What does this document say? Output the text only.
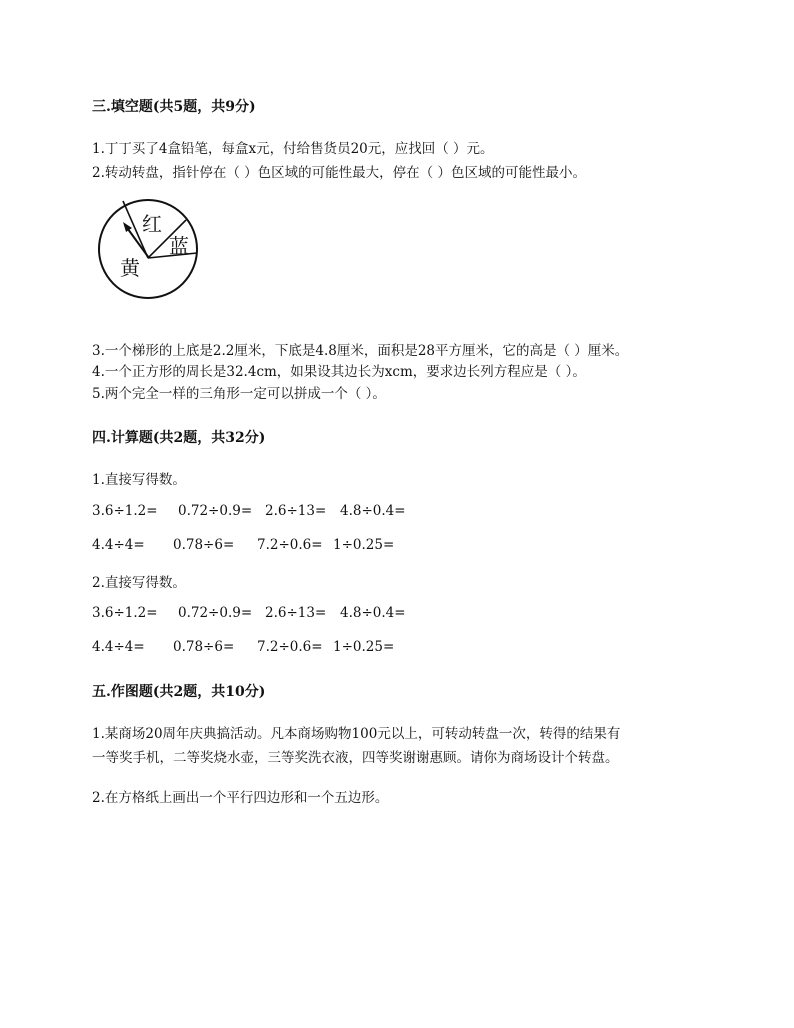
三.填空题(共5题，共9分)
1.丁丁买了4盒铅笔，每盒x元，付给售货员20元，应找回（ ）元。
2.转动转盘，指针停在（ ）色区域的可能性最大，停在（ ）色区域的可能性最小。
红
蓝
黄
3.一个梯形的上底是2.2厘米，下底是4.8厘米，面积是28平方厘米，它的高是（ ）厘米。
4.一个正方形的周长是32.4cm，如果设其边长为xcm，要求边长列方程应是（ ）。
5.两个完全一样的三角形一定可以拼成一个（ ）。
四.计算题(共2题，共32分)
1.直接写得数。
3.6÷1.2= 0.72÷0.9= 2.6÷13= 4.8÷0.4=
4.4÷4= 0.78÷6= 7.2÷0.6= 1÷0.25=
2.直接写得数。
3.6÷1.2= 0.72÷0.9= 2.6÷13= 4.8÷0.4=
4.4÷4= 0.78÷6= 7.2÷0.6= 1÷0.25=
五.作图题(共2题，共10分)
1.某商场20周年庆典搞活动。凡本商场购物100元以上，可转动转盘一次，转得的结果有
一等奖手机，二等奖烧水壶，三等奖洗衣液，四等奖谢谢惠顾。请你为商场设计个转盘。
2.在方格纸上画出一个平行四边形和一个五边形。
